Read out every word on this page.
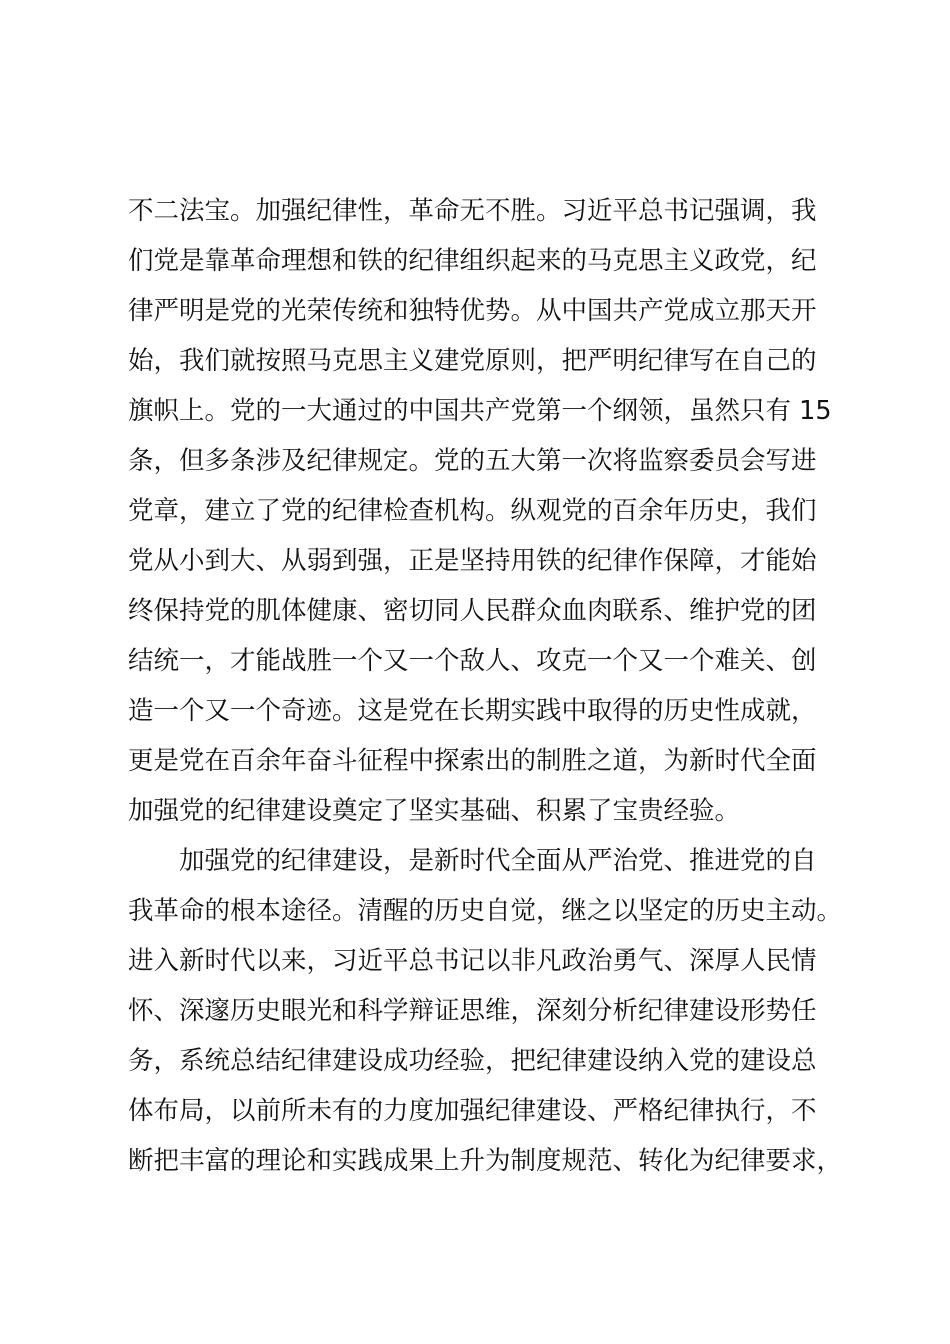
不二法宝。加强纪律性，革命无不胜。习近平总书记强调，我
们党是靠革命理想和铁的纪律组织起来的马克思主义政党，纪
律严明是党的光荣传统和独特优势。从中国共产党成立那天开
始，我们就按照马克思主义建党原则，把严明纪律写在自己的
旗帜上。党的一大通过的中国共产党第一个纲领，虽然只有 15
条，但多条涉及纪律规定。党的五大第一次将监察委员会写进
党章，建立了党的纪律检查机构。纵观党的百余年历史，我们
党从小到大、从弱到强，正是坚持用铁的纪律作保障，才能始
终保持党的肌体健康、密切同人民群众血肉联系、维护党的团
结统一，才能战胜一个又一个敌人、攻克一个又一个难关、创
造一个又一个奇迹。这是党在长期实践中取得的历史性成就，
更是党在百余年奋斗征程中探索出的制胜之道，为新时代全面
加强党的纪律建设奠定了坚实基础、积累了宝贵经验。
加强党的纪律建设，是新时代全面从严治党、推进党的自
我革命的根本途径。清醒的历史自觉，继之以坚定的历史主动。
进入新时代以来，习近平总书记以非凡政治勇气、深厚人民情
怀、深邃历史眼光和科学辩证思维，深刻分析纪律建设形势任
务，系统总结纪律建设成功经验，把纪律建设纳入党的建设总
体布局，以前所未有的力度加强纪律建设、严格纪律执行，不
断把丰富的理论和实践成果上升为制度规范、转化为纪律要求，
